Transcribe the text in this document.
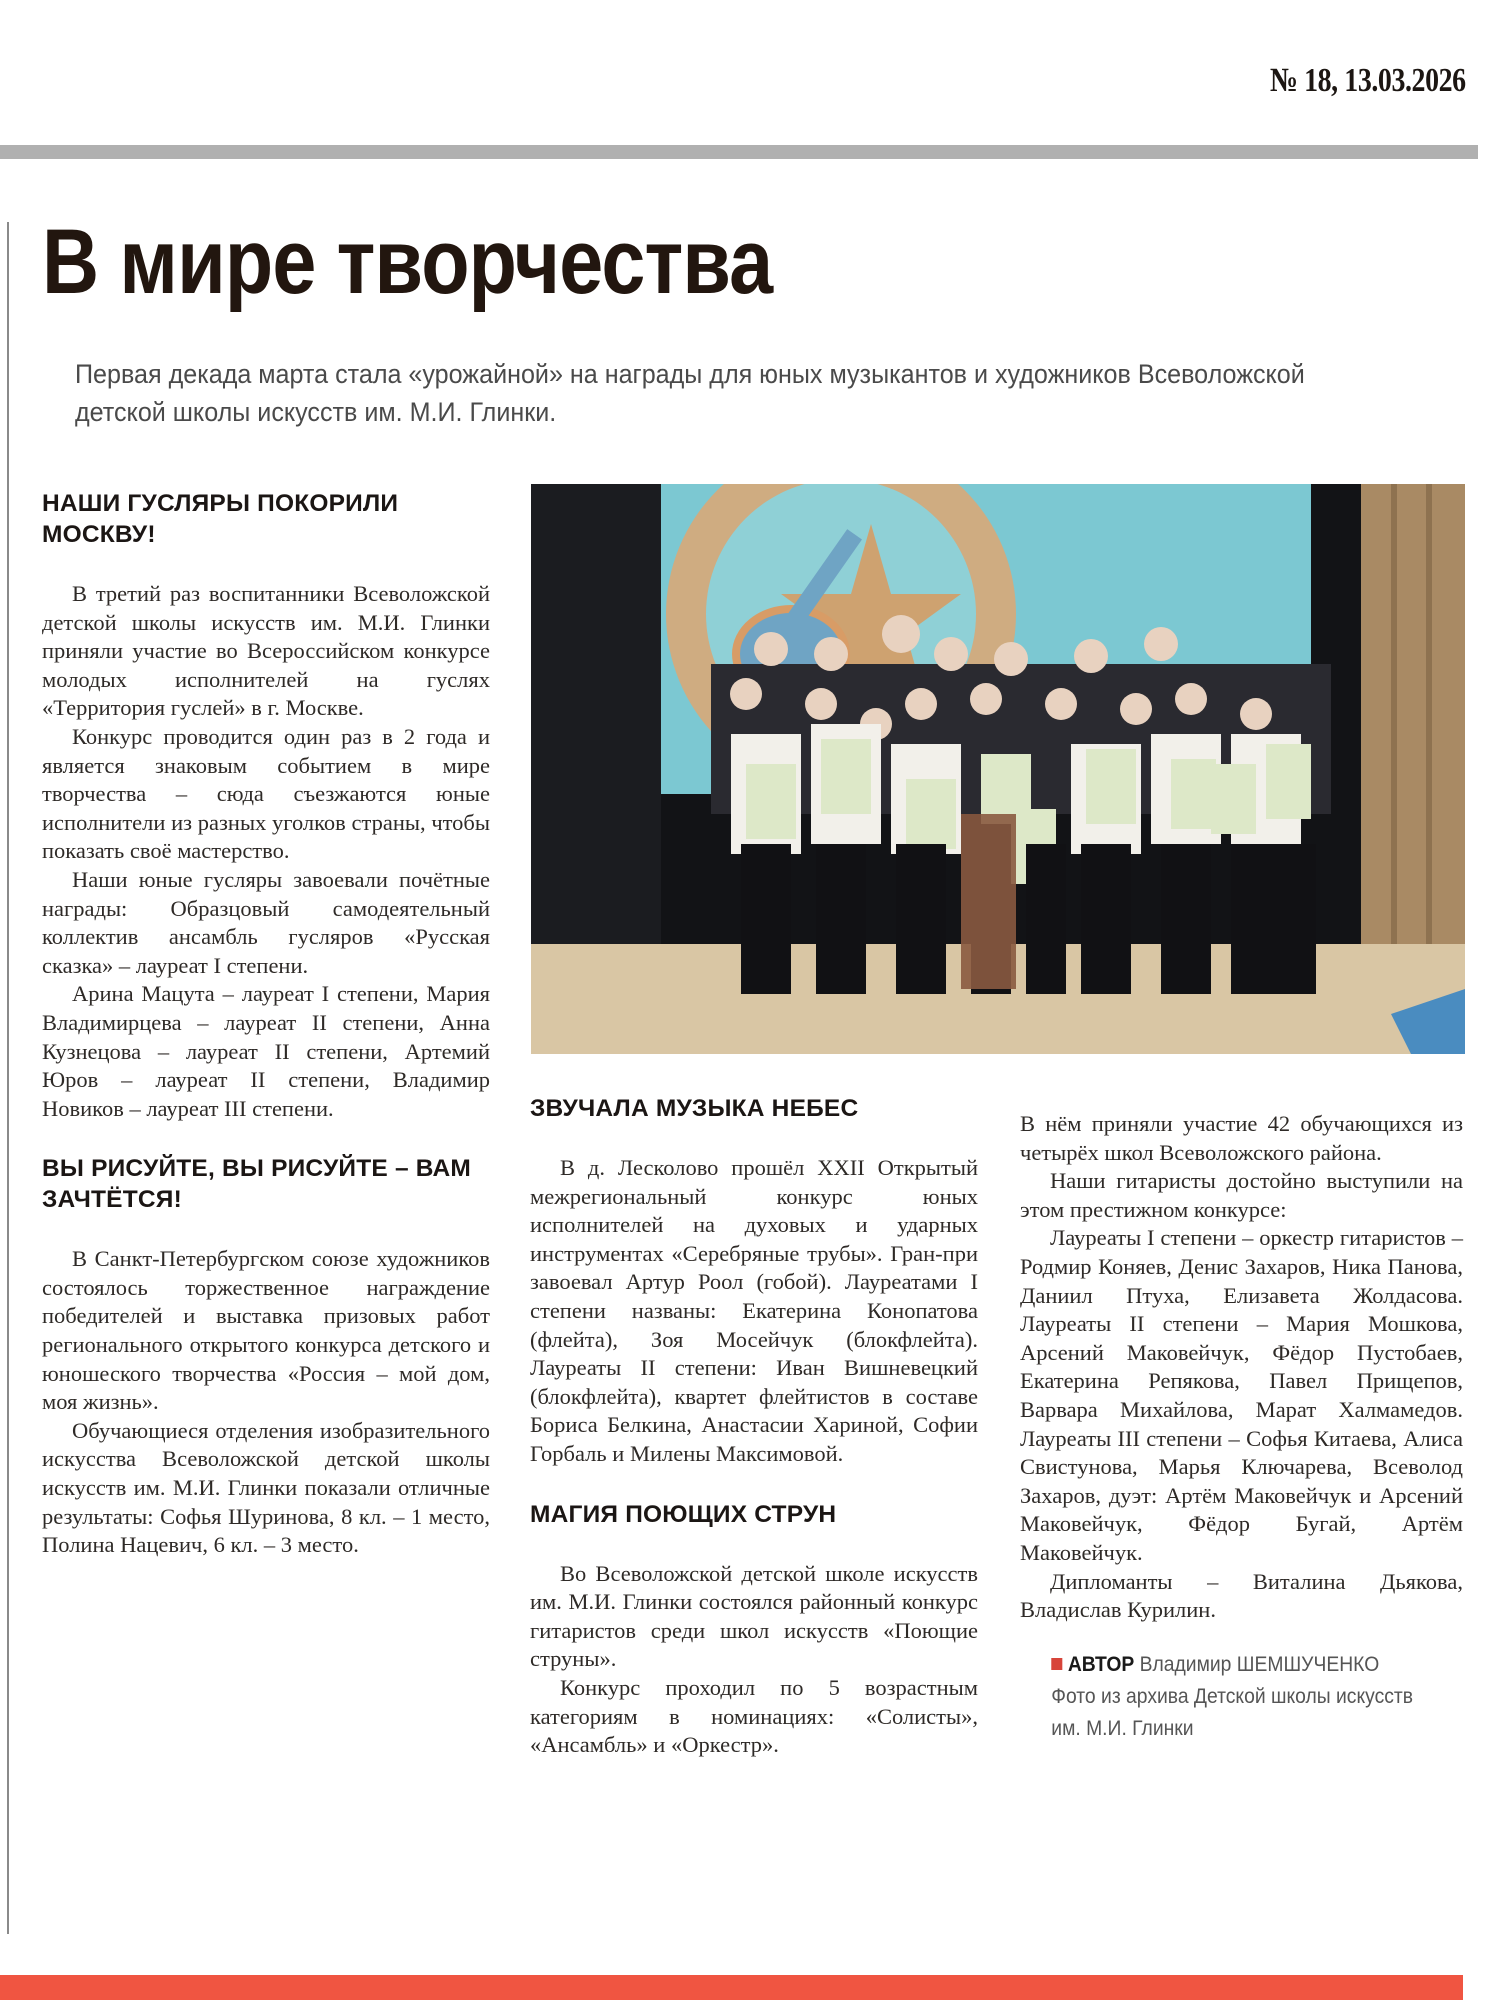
№ 18, 13.03.2026
В мире творчества
Первая декада марта стала «урожайной» на награды для юных музыкантов и художников Всеволожской детской школы искусств им. М.И. Глинки.
НАШИ ГУСЛЯРЫ ПОКОРИЛИ МОСКВУ!

В третий раз воспитанники Всеволожской детской школы искусств им. М.И. Глинки приняли участие во Всероссийском конкурсе молодых исполнителей на гуслях «Территория гуслей» в г. Москве.

Конкурс проводится один раз в 2 года и является знаковым событием в мире творчества – сюда съезжаются юные исполнители из разных уголков страны, чтобы показать своё мастерство.

Наши юные гусляры завоевали почётные награды: Образцовый самодеятельный коллектив ансамбль гусляров «Русская сказка» – лауреат I степени.

Арина Мацута – лауреат I степени, Мария Владимирцева – лауреат II степени, Анна Кузнецова – лауреат II степени, Артемий Юров – лауреат II степени, Владимир Новиков – лауреат III степени.

ВЫ РИСУЙТЕ, ВЫ РИСУЙТЕ – ВАМ ЗАЧТЁТСЯ!

В Санкт-Петербургском союзе художников состоялось торжественное награждение победителей и выставка призовых работ регионального открытого конкурса детского и юношеского творчества «Россия – мой дом, моя жизнь».

Обучающиеся отделения изобразительного искусства Всеволожской детской школы искусств им. М.И. Глинки показали отличные результаты: Софья Шуринова, 8 кл. – 1 место, Полина Нацевич, 6 кл. – 3 место.

ЗВУЧАЛА МУЗЫКА НЕБЕС

В д. Лесколово прошёл XXII Открытый межрегиональный конкурс юных исполнителей на духовых и ударных инструментах «Серебряные трубы». Гран-при завоевал Артур Роол (гобой). Лауреатами I степени названы: Екатерина Конопатова (флейта), Зоя Мосейчук (блокфлейта). Лауреаты II степени: Иван Вишневецкий (блокфлейта), квартет флейтистов в составе Бориса Белкина, Анастасии Хариной, Софии Горбаль и Милены Максимовой.

МАГИЯ ПОЮЩИХ СТРУН

Во Всеволожской детской школе искусств им. М.И. Глинки состоялся районный конкурс гитаристов среди школ искусств «Поющие струны».

Конкурс проходил по 5 возрастным категориям в номинациях: «Солисты», «Ансамбль» и «Оркестр».

В нём приняли участие 42 обучающихся из четырёх школ Всеволожского района.

Наши гитаристы достойно выступили на этом престижном конкурсе:

Лауреаты I степени – оркестр гитаристов – Родмир Коняев, Денис Захаров, Ника Панова, Даниил Птуха, Елизавета Жолдасова. Лауреаты II степени – Мария Мошкова, Арсений Маковейчук, Фёдор Пустобаев, Екатерина Репякова, Павел Прищепов, Варвара Михайлова, Марат Халмамедов. Лауреаты III степени – Софья Китаева, Алиса Свистунова, Марья Ключарева, Всеволод Захаров, дуэт: Артём Маковейчук и Арсений Маковейчук, Фёдор Бугай, Артём Маковейчук.

Дипломанты – Виталина Дьякова, Владислав Курилин.

АВТОР Владимир ШЕМШУЧЕНКО
Фото из архива Детской школы искусств им. М.И. Глинки
